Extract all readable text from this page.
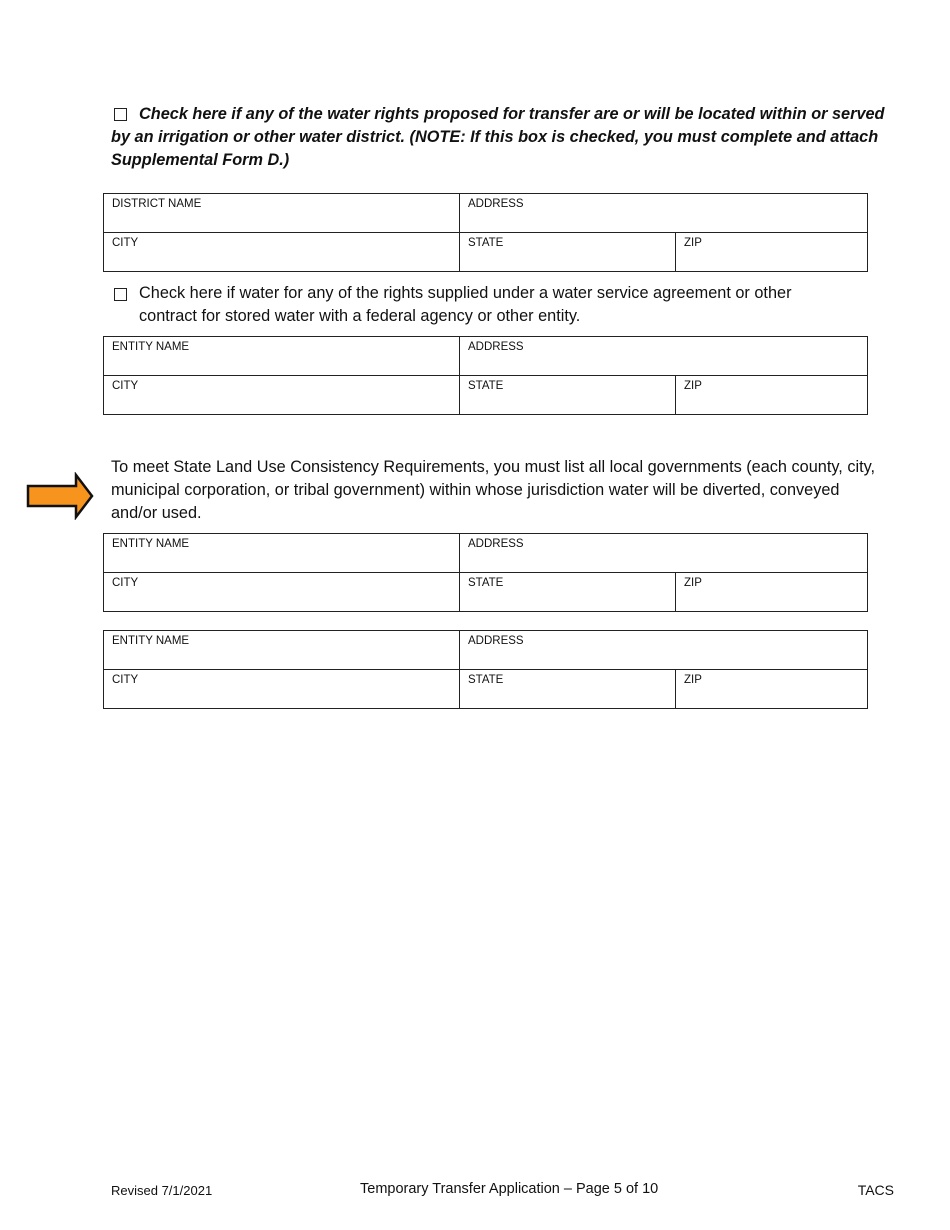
Check here if any of the water rights proposed for transfer are or will be located within or served by an irrigation or other water district. (NOTE: If this box is checked, you must complete and attach Supplemental Form D.)
DISTRICT NAME	ADDRESS	

CITY	STATE	ZIP
Check here if water for any of the rights supplied under a water service agreement or other contract for stored water with a federal agency or other entity.
ENTITY NAME	ADDRESS	

CITY	STATE	ZIP
To meet State Land Use Consistency Requirements, you must list all local governments (each county, city, municipal corporation, or tribal government) within whose jurisdiction water will be diverted, conveyed and/or used.
ENTITY NAME	ADDRESS	

CITY	STATE	ZIP
ENTITY NAME	ADDRESS	

CITY	STATE	ZIP
Revised 7/1/2021	Temporary Transfer Application – Page 5 of 10	TACS
